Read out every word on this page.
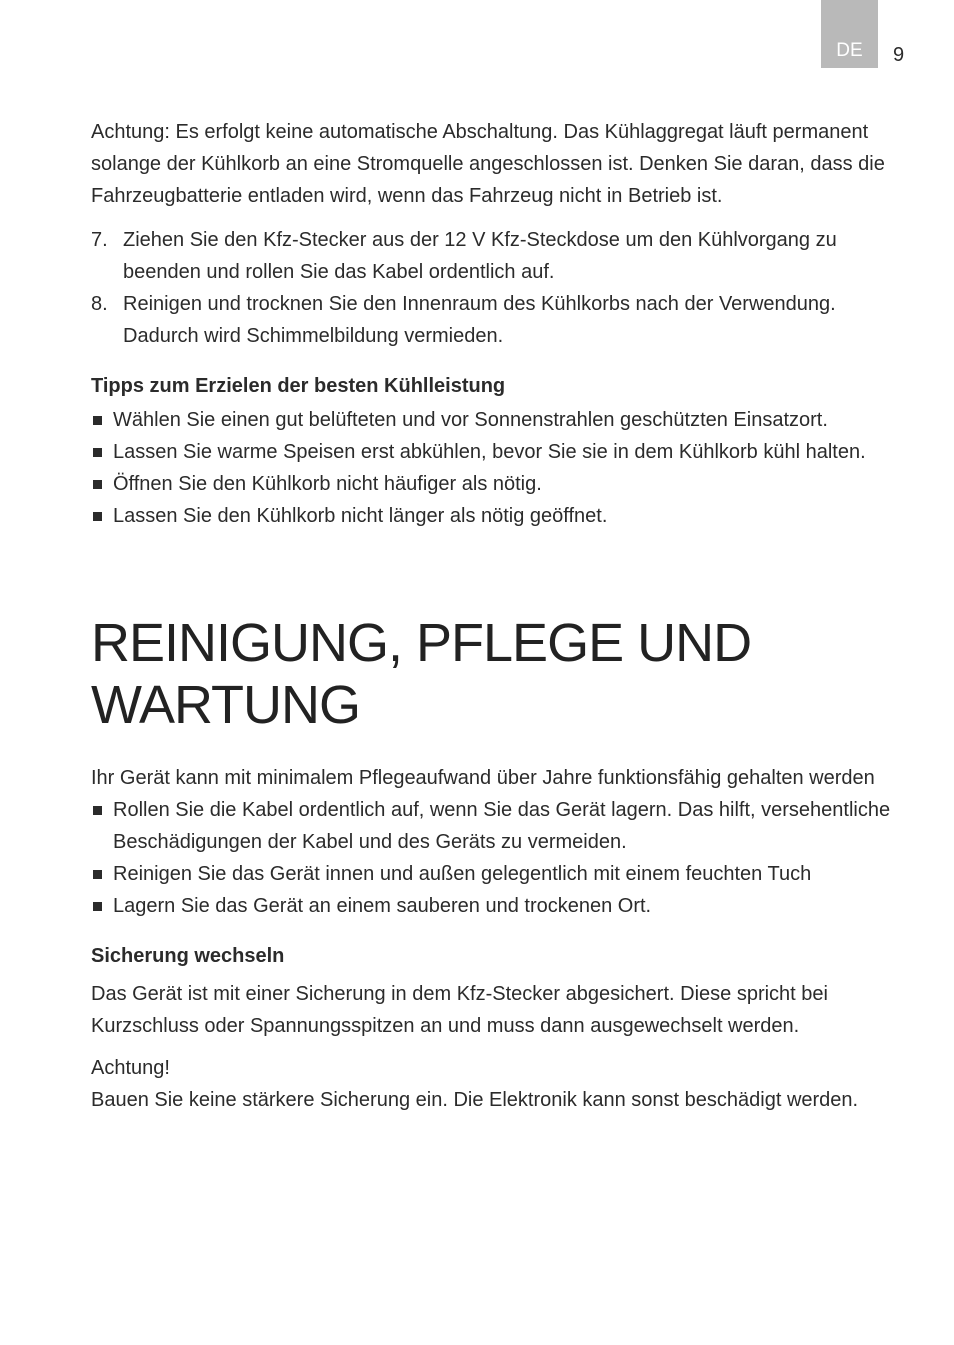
DE 9

Achtung: Es erfolgt keine automatische Abschaltung. Das Kühlaggregat läuft permanent solange der Kühlkorb an eine Stromquelle angeschlossen ist. Denken Sie daran, dass die Fahrzeugbatterie entladen wird, wenn das Fahrzeug nicht in Betrieb ist.

7. Ziehen Sie den Kfz-Stecker aus der 12 V Kfz-Steckdose um den Kühlvorgang zu beenden und rollen Sie das Kabel ordentlich auf.
8. Reinigen und trocknen Sie den Innenraum des Kühlkorbs nach der Verwendung. Dadurch wird Schimmelbildung vermieden.
Tipps zum Erzielen der besten Kühlleistung
Wählen Sie einen gut belüfteten und vor Sonnenstrahlen geschützten Einsatzort.
Lassen Sie warme Speisen erst abkühlen, bevor Sie sie in dem Kühlkorb kühl halten.
Öffnen Sie den Kühlkorb nicht häufiger als nötig.
Lassen Sie den Kühlkorb nicht länger als nötig geöffnet.
REINIGUNG, PFLEGE UND
WARTUNG

Ihr Gerät kann mit minimalem Pflegeaufwand über Jahre funktionsfähig gehalten werden

Rollen Sie die Kabel ordentlich auf, wenn Sie das Gerät lagern. Das hilft, versehentliche Beschädigungen der Kabel und des Geräts zu vermeiden.
Reinigen Sie das Gerät innen und außen gelegentlich mit einem feuchten Tuch
Lagern Sie das Gerät an einem sauberen und trockenen Ort.
Sicherung wechseln

Das Gerät ist mit einer Sicherung in dem Kfz-Stecker abgesichert. Diese spricht bei Kurzschluss oder Spannungsspitzen an und muss dann ausgewechselt werden.

Achtung!

Bauen Sie keine stärkere Sicherung ein. Die Elektronik kann sonst beschädigt werden.
